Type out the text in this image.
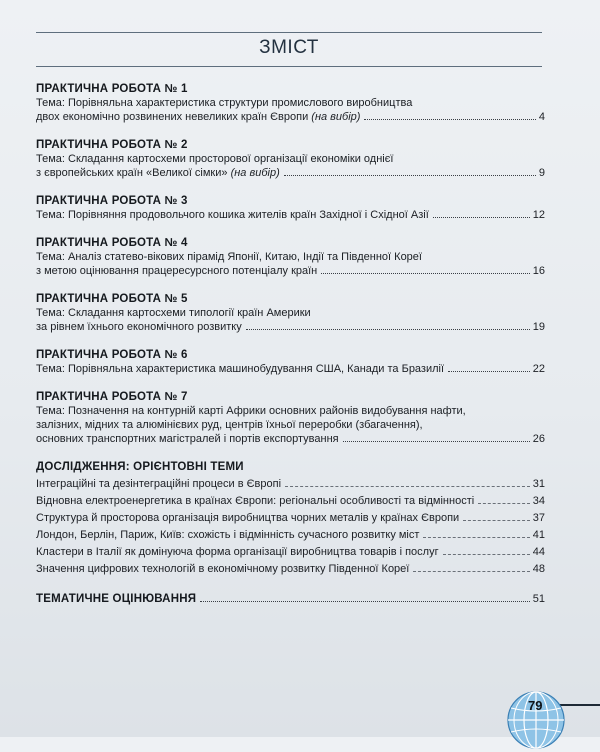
ЗМІСТ
ПРАКТИЧНА РОБОТА № 1
Тема: Порівняльна характеристика структури промислового виробництва
двох економічно розвинених невеликих країн Європи (на вибір)	4
ПРАКТИЧНА РОБОТА № 2
Тема: Складання картосхеми просторової організації економіки однієї
з європейських країн «Великої сімки» (на вибір)	9
ПРАКТИЧНА РОБОТА № 3
Тема: Порівняння продовольчого кошика жителів країн Західної і Східної Азії	12
ПРАКТИЧНА РОБОТА № 4
Тема: Аналіз статево-вікових пірамід Японії, Китаю, Індії та Південної Кореї
з метою оцінювання працересурсного потенціалу країн	16
ПРАКТИЧНА РОБОТА № 5
Тема: Складання картосхеми типології країн Америки
за рівнем їхнього економічного розвитку	19
ПРАКТИЧНА РОБОТА № 6
Тема: Порівняльна характеристика машинобудування США, Канади та Бразилії	22
ПРАКТИЧНА РОБОТА № 7
Тема: Позначення на контурній карті Африки основних районів видобування нафти,
залізних, мідних та алюмінієвих руд, центрів їхньої переробки (збагачення),
основних транспортних магістралей і портів експортування	26
ДОСЛІДЖЕННЯ: ОРІЄНТОВНІ ТЕМИ
Інтеграційні та дезінтеграційні процеси в Європі	31
Відновна електроенергетика в країнах Європи: регіональні особливості та відмінності	34
Структура й просторова організація виробництва чорних металів у країнах Європи	37
Лондон, Берлін, Париж, Київ: схожість і відмінність сучасного розвитку міст	41
Кластери в Італії як домінуюча форма організації виробництва товарів і послуг	44
Значення цифрових технологій в економічному розвитку Південної Кореї	48
ТЕМАТИЧНЕ ОЦІНЮВАННЯ	51
79
